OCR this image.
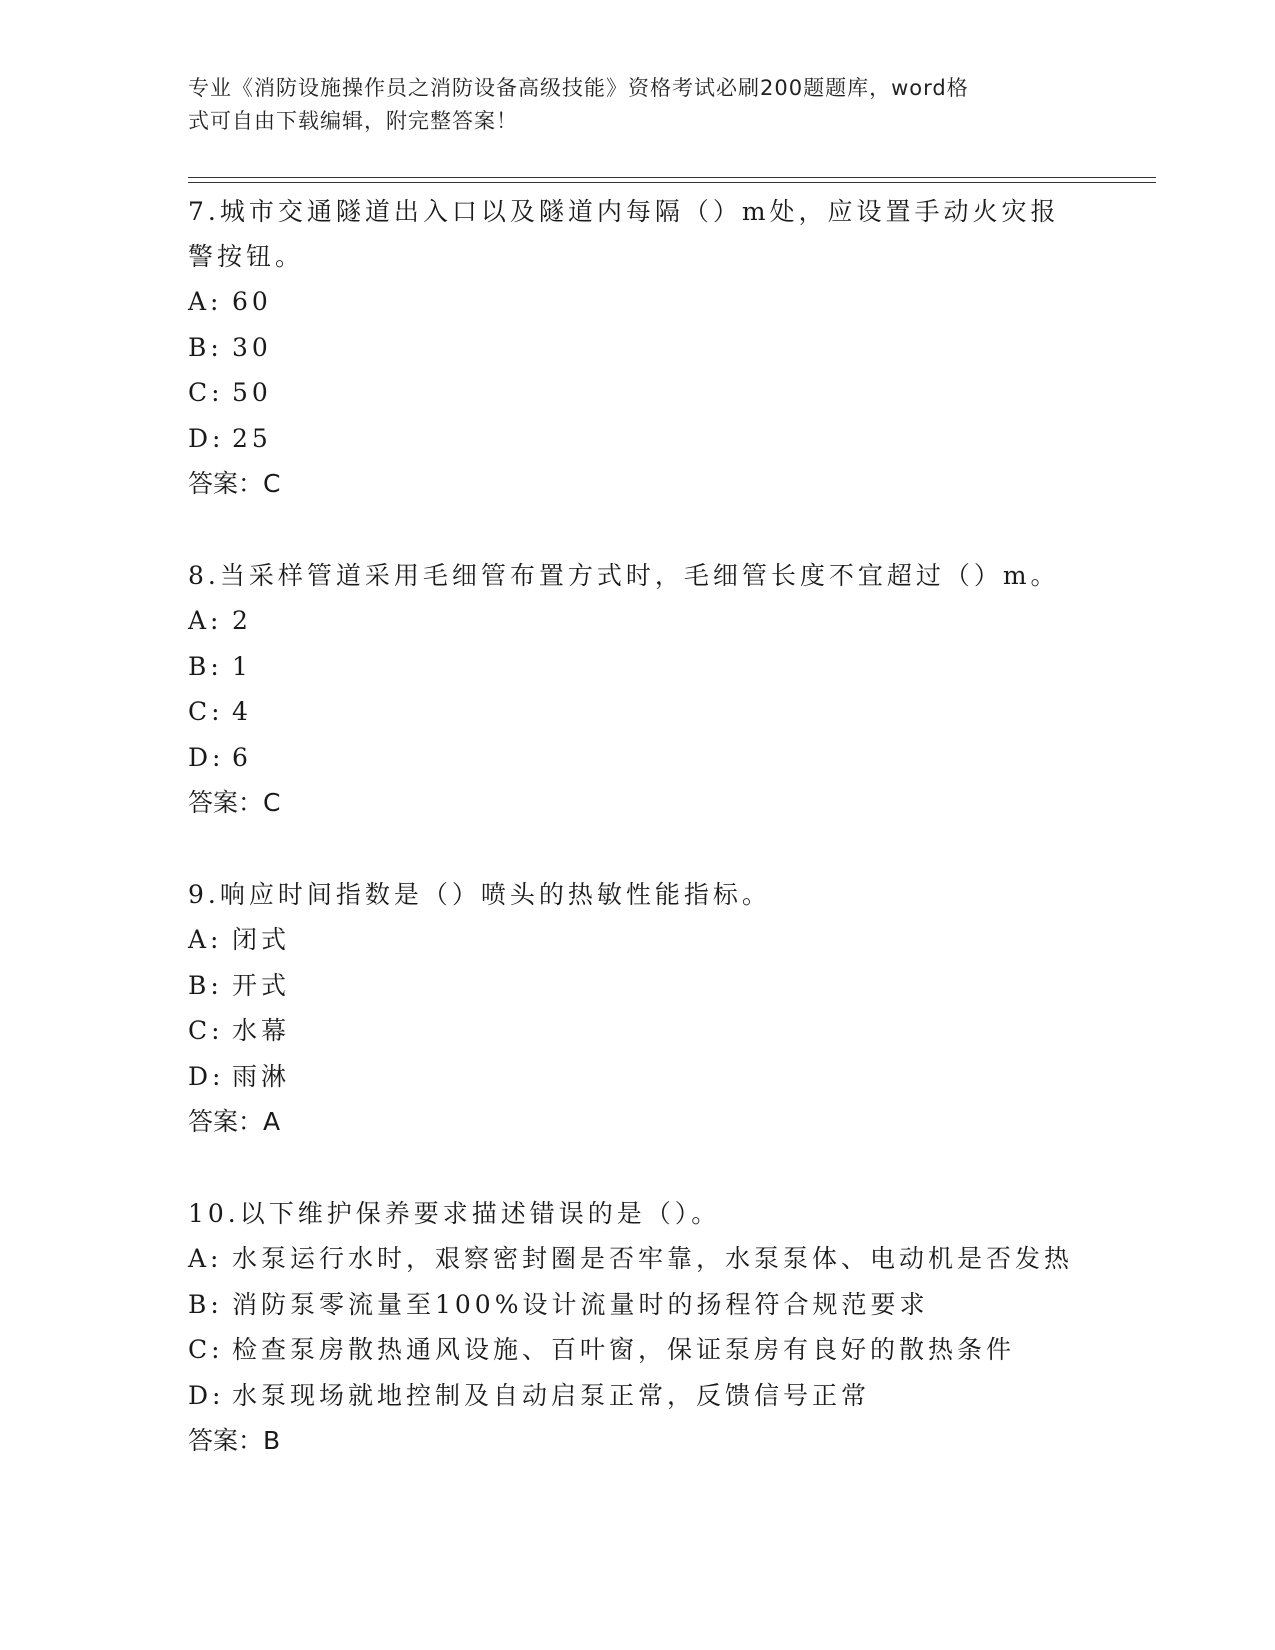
专业《消防设施操作员之消防设备高级技能》资格考试必刷200题题库，word格
式可自由下载编辑，附完整答案！

7.城市交通隧道出入口以及隧道内每隔（）m处，应设置手动火灾报警按钮。

A: 60

B: 30

C: 50

D: 25

答案：C

8.当采样管道采用毛细管布置方式时，毛细管长度不宜超过（）m。

A: 2

B: 1

C: 4

D: 6

答案：C

9.响应时间指数是（）喷头的热敏性能指标。

A: 闭式

B: 开式

C: 水幕

D: 雨淋

答案：A

10.以下维护保养要求描述错误的是（）。

A: 水泵运行水时，艰察密封圈是否牢靠，水泵泵体、电动机是否发热

B: 消防泵零流量至100%设计流量时的扬程符合规范要求

C: 检查泵房散热通风设施、百叶窗，保证泵房有良好的散热条件

D: 水泵现场就地控制及自动启泵正常，反馈信号正常

答案：B
